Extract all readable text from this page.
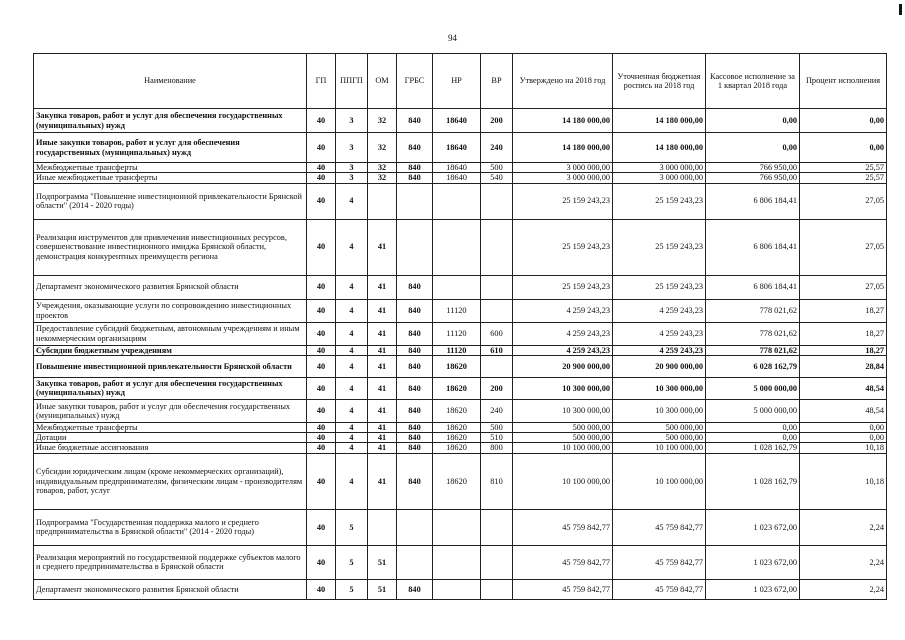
94
Наименование	ГП	ППГП	ОМ	ГРБС	НР	ВР	Утверждено на 2018 год	Уточненная бюджетная роспись на 2018 год	Кассовое исполнение за 1 квартал 2018 года	Процент исполнения
Закупка товаров, работ и услуг для обеспечения государственных (муниципальных) нужд	40	3	32	840	18640	200	14 180 000,00	14 180 000,00	0,00	0,00
Иные закупки товаров, работ и услуг для обеспечения государственных (муниципальных) нужд	40	3	32	840	18640	240	14 180 000,00	14 180 000,00	0,00	0,00
Межбюджетные трансферты	40	3	32	840	18640	500	3 000 000,00	3 000 000,00	766 950,00	25,57
Иные межбюджетные трансферты	40	3	32	840	18640	540	3 000 000,00	3 000 000,00	766 950,00	25,57
Подпрограмма "Повышение инвестиционной привлекательности Брянской области" (2014 - 2020 годы)	40	4					25 159 243,23	25 159 243,23	6 806 184,41	27,05
Реализация инструментов для привлечения инвестиционных ресурсов, совершенствование инвестиционного имиджа Брянской области, демонстрация конкурентных преимуществ региона	40	4	41				25 159 243,23	25 159 243,23	6 806 184,41	27,05
Департамент экономического развития Брянской области	40	4	41	840			25 159 243,23	25 159 243,23	6 806 184,41	27,05
Учреждения, оказывающие услуги по сопровождению инвестиционных проектов	40	4	41	840	11120		4 259 243,23	4 259 243,23	778 021,62	18,27
Предоставление субсидий бюджетным, автономным учреждениям и иным некоммерческим организациям	40	4	41	840	11120	600	4 259 243,23	4 259 243,23	778 021,62	18,27
Субсидии бюджетным учреждениям	40	4	41	840	11120	610	4 259 243,23	4 259 243,23	778 021,62	18,27
Повышение инвестиционной привлекательности Брянской области	40	4	41	840	18620		20 900 000,00	20 900 000,00	6 028 162,79	28,84
Закупка товаров, работ и услуг для обеспечения государственных (муниципальных) нужд	40	4	41	840	18620	200	10 300 000,00	10 300 000,00	5 000 000,00	48,54
Иные закупки товаров, работ и услуг для обеспечения государственных (муниципальных) нужд	40	4	41	840	18620	240	10 300 000,00	10 300 000,00	5 000 000,00	48,54
Межбюджетные трансферты	40	4	41	840	18620	500	500 000,00	500 000,00	0,00	0,00
Дотации	40	4	41	840	18620	510	500 000,00	500 000,00	0,00	0,00
Иные бюджетные ассигнования	40	4	41	840	18620	800	10 100 000,00	10 100 000,00	1 028 162,79	10,18
Субсидии юридическим лицам (кроме некоммерческих организаций), индивидуальным предпринимателям, физическим лицам - производителям товаров, работ, услуг	40	4	41	840	18620	810	10 100 000,00	10 100 000,00	1 028 162,79	10,18
Подпрограмма "Государственная поддержка малого и среднего предпринимательства в Брянской области" (2014 - 2020 годы)	40	5					45 759 842,77	45 759 842,77	1 023 672,00	2,24
Реализация мероприятий по государственной поддержке субъектов малого и среднего предпринимательства в Брянской области	40	5	51				45 759 842,77	45 759 842,77	1 023 672,00	2,24
Департамент экономического развития Брянской области	40	5	51	840			45 759 842,77	45 759 842,77	1 023 672,00	2,24
